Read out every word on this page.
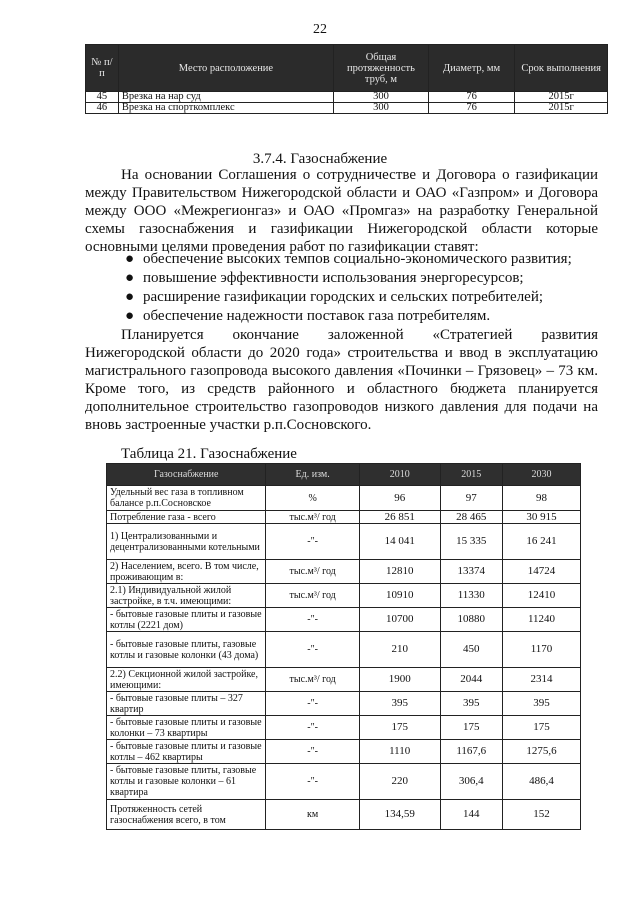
22
№ п/п	Место расположение	Общая протяженность труб, м	Диаметр, мм	Срок выполнения
45	Врезка на нар суд	300	76	2015г
46	Врезка на спорткомплекс	300	76	2015г
3.7.4. Газоснабжение

На основании Соглашения о сотрудничестве и Договора о газификации между Правительством Нижегородской области и ОАО «Газпром» и Договора между ООО «Межрегионгаз» и ОАО «Промгаз» на разработку Генеральной схемы газоснабжения и газификации Нижегородской области которые основными целями проведения работ по газификации ставят:

● обеспечение высоких темпов социально-экономического развития;
● повышение эффективности использования энергоресурсов;
● расширение газификации городских и сельских потребителей;
● обеспечение надежности поставок газа потребителям.

Планируется окончание заложенной «Стратегией развития Нижегородской области до 2020 года» строительства и ввод в эксплуатацию магистрального газопровода высокого давления «Починки – Грязовец» – 73 км. Кроме того, из средств районного и областного бюджета планируется дополнительное строительство газопроводов низкого давления для подачи на вновь застроенные участки р.п.Сосновского.

Таблица 21. Газоснабжение
Газоснабжение	Ед. изм.	2010	2015	2030
Удельный вес газа в топливном балансе р.п.Сосновское	%	96	97	98
Потребление газа - всего	тыс.м³/ год	26 851	28 465	30 915
1) Централизованными и децентрализованными котельными	-"-	14 041	15 335	16 241
2) Населением, всего. В том числе, проживающим в:	тыс.м³/ год	12810	13374	14724
2.1) Индивидуальной жилой застройке, в т.ч. имеющими:	тыс.м³/ год	10910	11330	12410
- бытовые газовые плиты и газовые котлы (2221 дом)	-"-	10700	10880	11240
- бытовые газовые плиты, газовые котлы и газовые колонки (43 дома)	-"-	210	450	1170
2.2) Секционной жилой застройке, имеющими:	тыс.м³/ год	1900	2044	2314
- бытовые газовые плиты – 327 квартир	-"-	395	395	395
- бытовые газовые плиты и газовые колонки – 73 квартиры	-"-	175	175	175
- бытовые газовые плиты и газовые котлы – 462 квартиры	-"-	1110	1167,6	1275,6
- бытовые газовые плиты, газовые котлы и газовые колонки – 61 квартира	-"-	220	306,4	486,4
Протяженность сетей газоснабжения всего, в том	км	134,59	144	152
